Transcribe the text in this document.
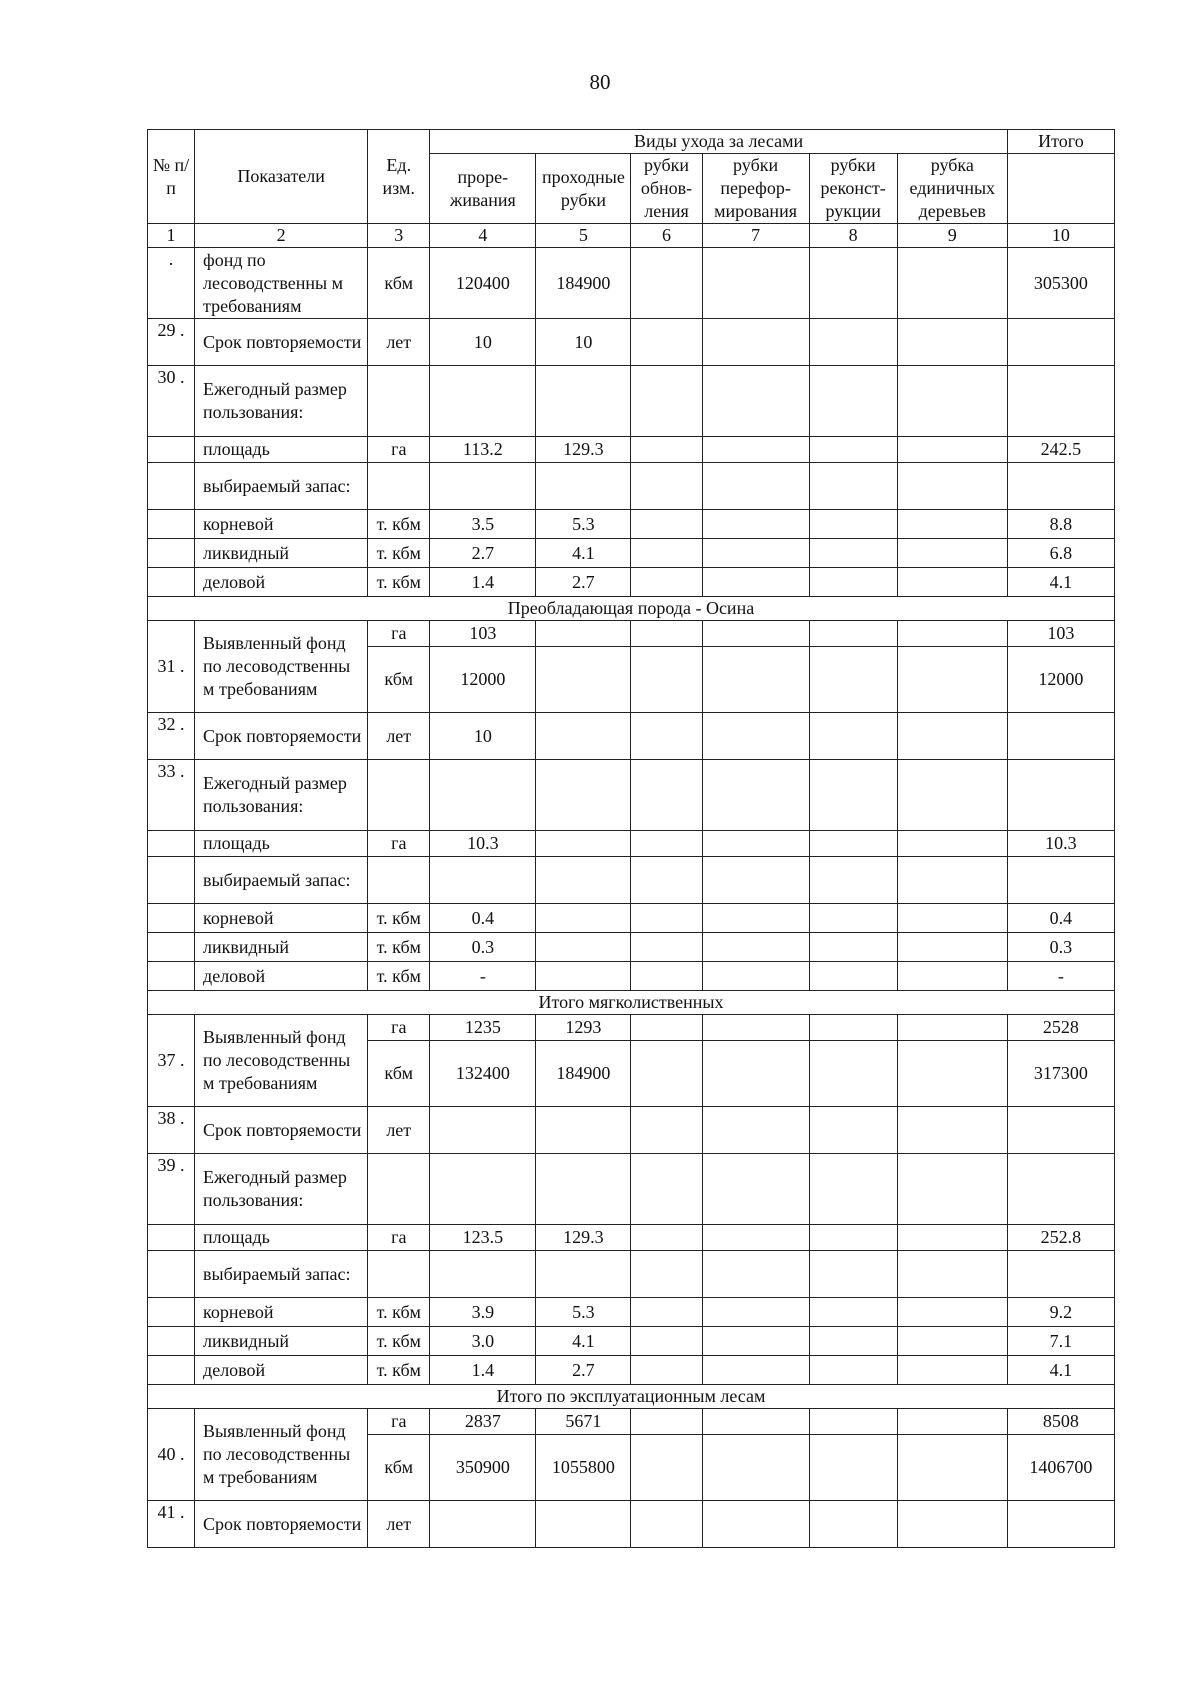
80
№ п/п	Показатели	Ед. изм.	Виды ухода за лесами						Итого
			проре-живания	проходные рубки	рубки обнов-ления	рубки перефор-мирования	рубки реконст-рукции	рубка единичных деревьев	
1	2	3	4	5	6	7	8	9	10
.	фонд по лесоводственны м требованиям	кбм	120400	184900					305300
29 .	Срок повторяемости	лет	10	10					
30 .	Ежегодный размер пользования:								
	площадь	га	113.2	129.3					242.5
	выбираемый запас:								
	корневой	т. кбм	3.5	5.3					8.8
	ликвидный	т. кбм	2.7	4.1					6.8
	деловой	т. кбм	1.4	2.7					4.1
Преобладающая порода - Осина									
31 .	Выявленный фонд по лесоводственны м требованиям	га	103						103
		кбм	12000						12000
32 .	Срок повторяемости	лет	10						
33 .	Ежегодный размер пользования:								
	площадь	га	10.3						10.3
	выбираемый запас:								
	корневой	т. кбм	0.4						0.4
	ликвидный	т. кбм	0.3						0.3
	деловой	т. кбм	-						-
Итого мягколиственных									
37 .	Выявленный фонд по лесоводственны м требованиям	га	1235	1293					2528
		кбм	132400	184900					317300
38 .	Срок повторяемости	лет							
39 .	Ежегодный размер пользования:								
	площадь	га	123.5	129.3					252.8
	выбираемый запас:								
	корневой	т. кбм	3.9	5.3					9.2
	ликвидный	т. кбм	3.0	4.1					7.1
	деловой	т. кбм	1.4	2.7					4.1
Итого по эксплуатационным лесам									
40 .	Выявленный фонд по лесоводственны м требованиям	га	2837	5671					8508
		кбм	350900	1055800					1406700
41 .	Срок повторяемости	лет							
